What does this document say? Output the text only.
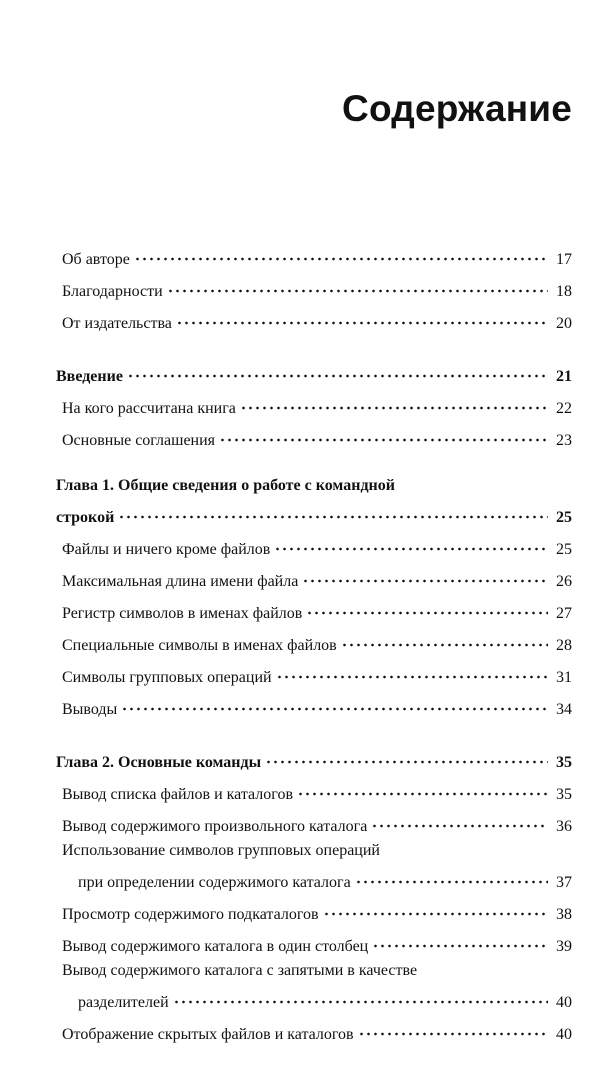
Содержание
Об авторе	17
Благодарности	18
От издательства	20
Введение	21
На кого рассчитана книга	22
Основные соглашения	23
Глава 1. Общие сведения о работе с командной
строкой	25
Файлы и ничего кроме файлов	25
Максимальная длина имени файла	26
Регистр символов в именах файлов	27
Специальные символы в именах файлов	28
Символы групповых операций	31
Выводы	34
Глава 2. Основные команды	35
Вывод списка файлов и каталогов	35
Вывод содержимого произвольного каталога	36
Использование символов групповых операций
при определении содержимого каталога	37
Просмотр содержимого подкаталогов	38
Вывод содержимого каталога в один столбец	39
Вывод содержимого каталога с запятыми в качестве
разделителей	40
Отображение скрытых файлов и каталогов	40
